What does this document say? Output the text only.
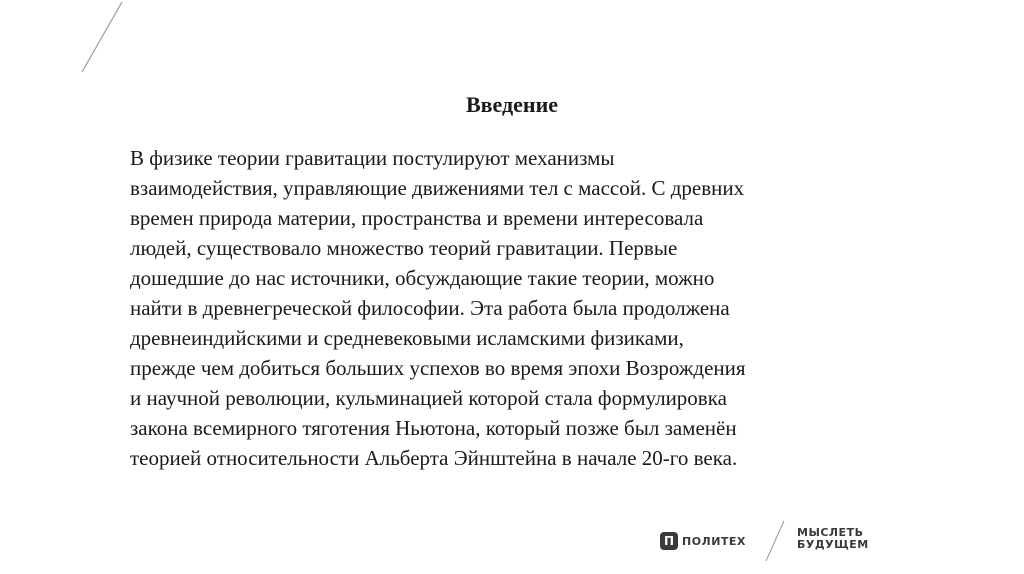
Введение

В физике теории гравитации постулируют механизмы
взаимодействия, управляющие движениями тел с массой. С древних
времен природа материи, пространства и времени интересовала
людей, существовало множество теорий гравитации. Первые
дошедшие до нас источники, обсуждающие такие теории, можно
найти в древнегреческой философии. Эта работа была продолжена
древнеиндийскими и средневековыми исламскими физиками,
прежде чем добиться больших успехов во время эпохи Возрождения
и научной революции, кульминацией которой стала формулировка
закона всемирного тяготения Ньютона, который позже был заменён
теорией относительности Альберта Эйнштейна в начале 20-го века.

П ПОЛИТЕХ
МЫСЛЕТЬ
БУДУЩЕМ
